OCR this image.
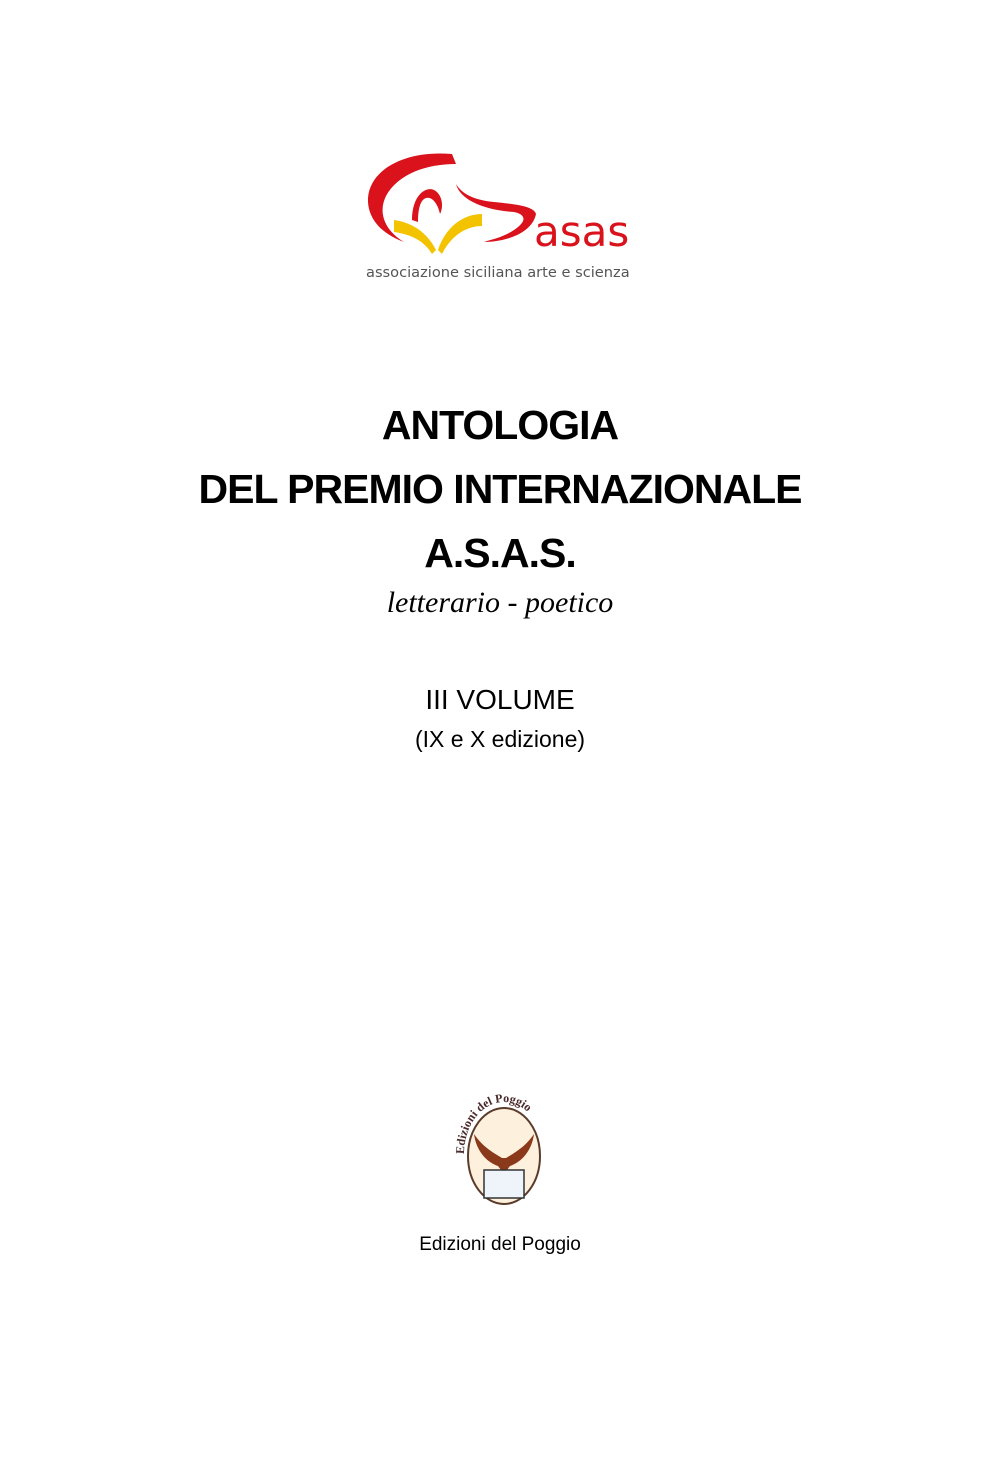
asas
associazione siciliana arte e scienza
ANTOLOGIA
DEL PREMIO INTERNAZIONALE
A.S.A.S.
letterario - poetico
III VOLUME
(IX e X edizione)
Edizioni del Poggio
Edizioni del Poggio
